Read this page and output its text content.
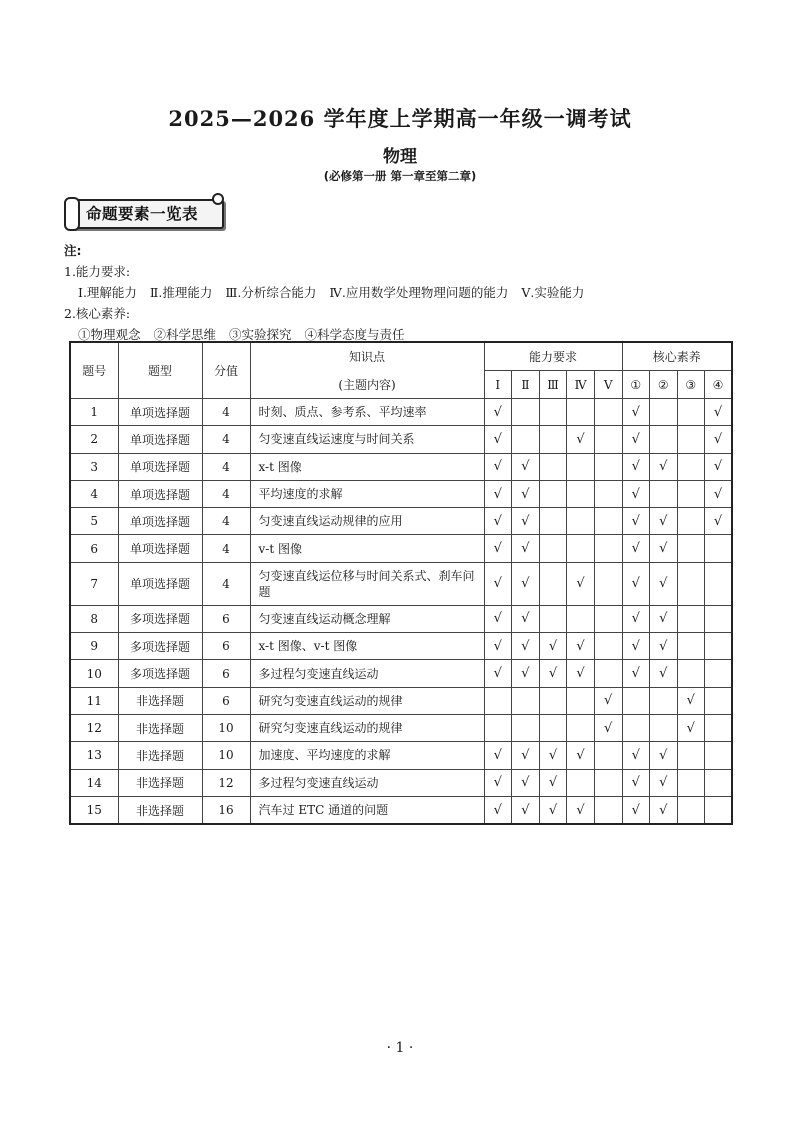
2025—2026 学年度上学期高一年级一调考试
物理
(必修第一册 第一章至第二章)
命题要素一览表
注:
1.能力要求:
Ⅰ.理解能力 Ⅱ.推理能力 Ⅲ.分析综合能力 Ⅳ.应用数学处理物理问题的能力 Ⅴ.实验能力
2.核心素养:
①物理观念 ②科学思维 ③实验探究 ④科学态度与责任
题号	题型	分值	知识点	能力要求					核心素养			
			(主题内容)	Ⅰ	Ⅱ	Ⅲ	Ⅳ	Ⅴ	①	②	③	④
1	单项选择题	4	时刻、质点、参考系、平均速率	√					√			√
2	单项选择题	4	匀变速直线运速度与时间关系	√			√		√			√
3	单项选择题	4	x-t 图像	√	√				√	√		√
4	单项选择题	4	平均速度的求解	√	√				√			√
5	单项选择题	4	匀变速直线运动规律的应用	√	√				√	√		√
6	单项选择题	4	v-t 图像	√	√				√	√		
7	单项选择题	4	匀变速直线运位移与时间关系式、刹车问题	√	√		√		√	√		
8	多项选择题	6	匀变速直线运动概念理解	√	√				√	√		
9	多项选择题	6	x-t 图像、v-t 图像	√	√	√	√		√	√		
10	多项选择题	6	多过程匀变速直线运动	√	√	√	√		√	√		
11	非选择题	6	研究匀变速直线运动的规律					√			√	
12	非选择题	10	研究匀变速直线运动的规律					√			√	
13	非选择题	10	加速度、平均速度的求解	√	√	√	√		√	√		
14	非选择题	12	多过程匀变速直线运动	√	√	√			√	√		
15	非选择题	16	汽车过 ETC 通道的问题	√	√	√	√		√	√		
· 1 ·
